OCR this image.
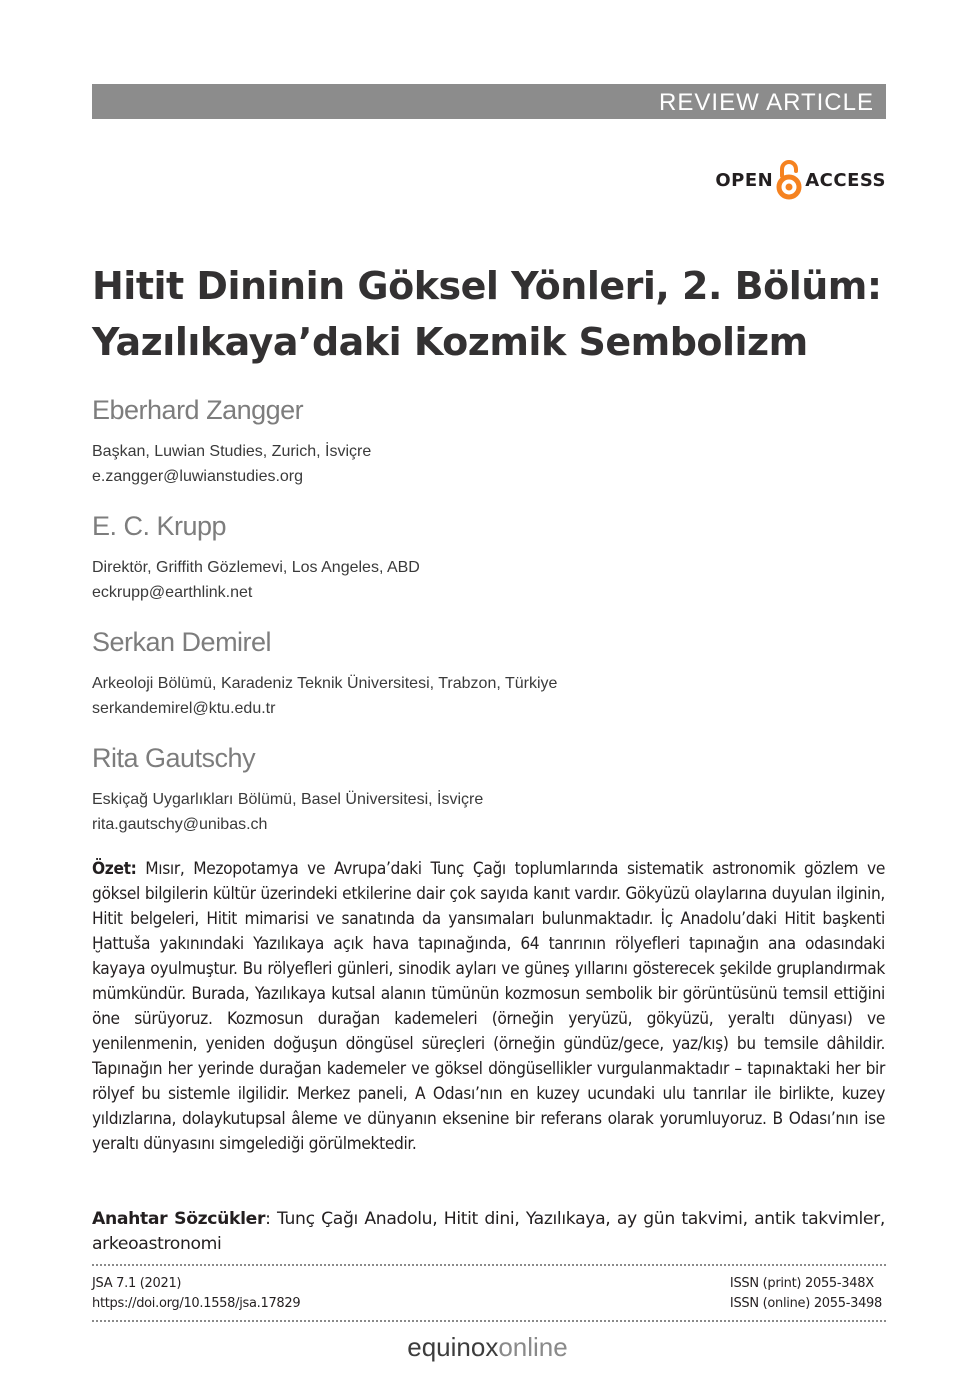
REVIEW ARTICLE
OPEN ACCESS
Hitit Dininin Göksel Yönleri, 2. Bölüm:
Yazılıkaya’daki Kozmik Sembolizm
Eberhard Zangger
Başkan, Luwian Studies, Zurich, İsviçre
e.zangger@luwianstudies.org
E. C. Krupp
Direktör, Griffith Gözlemevi, Los Angeles, ABD
eckrupp@earthlink.net
Serkan Demirel
Arkeoloji Bölümü, Karadeniz Teknik Üniversitesi, Trabzon, Türkiye
serkandemirel@ktu.edu.tr
Rita Gautschy
Eskiçağ Uygarlıkları Bölümü, Basel Üniversitesi, İsviçre
rita.gautschy@unibas.ch

Özet: Mısır, Mezopotamya ve Avrupa’daki Tunç Çağı toplumlarında sistematik astronomik gözlem ve göksel bilgilerin kültür üzerindeki etkilerine dair çok sayıda kanıt vardır. Gökyüzü olaylarına duyulan ilginin, Hitit belgeleri, Hitit mimarisi ve sanatında da yansımaları bulunmaktadır. İç Anadolu’daki Hitit başkenti Ḫattuša yakınındaki Yazılıkaya açık hava tapınağında, 64 tanrının rölyefleri tapınağın ana odasındaki kayaya oyulmuştur. Bu rölyefleri günleri, sinodik ayları ve güneş yıllarını gösterecek şekilde gruplandırmak mümkündür. Burada, Yazılıkaya kutsal alanın tümünün kozmosun sembolik bir görüntüsünü temsil ettiğini öne sürüyoruz. Kozmosun durağan kademeleri (örneğin yeryüzü, gökyüzü, yeraltı dünyası) ve yenilenmenin, yeniden doğuşun döngüsel süreçleri (örneğin gündüz/gece, yaz/kış) bu temsile dâhildir. Tapınağın her yerinde durağan kademeler ve göksel döngüsellikler vurgulanmaktadır – tapınaktaki her bir rölyef bu sistemle ilgilidir. Merkez paneli, A Odası’nın en kuzey ucundaki ulu tanrılar ile birlikte, kuzey yıldızlarına, dolaykutupsal âleme ve dünyanın eksenine bir referans olarak yorumluyoruz. B Odası’nın ise yeraltı dünyasını simgelediği görülmektedir.

Anahtar Sözcükler: Tunç Çağı Anadolu, Hitit dini, Yazılıkaya, ay gün takvimi, antik takvimler, arkeoastronomi

JSA 7.1 (2021)
https://doi.org/10.1558/jsa.17829
ISSN (print) 2055-348X
ISSN (online) 2055-3498
equinoxonline
